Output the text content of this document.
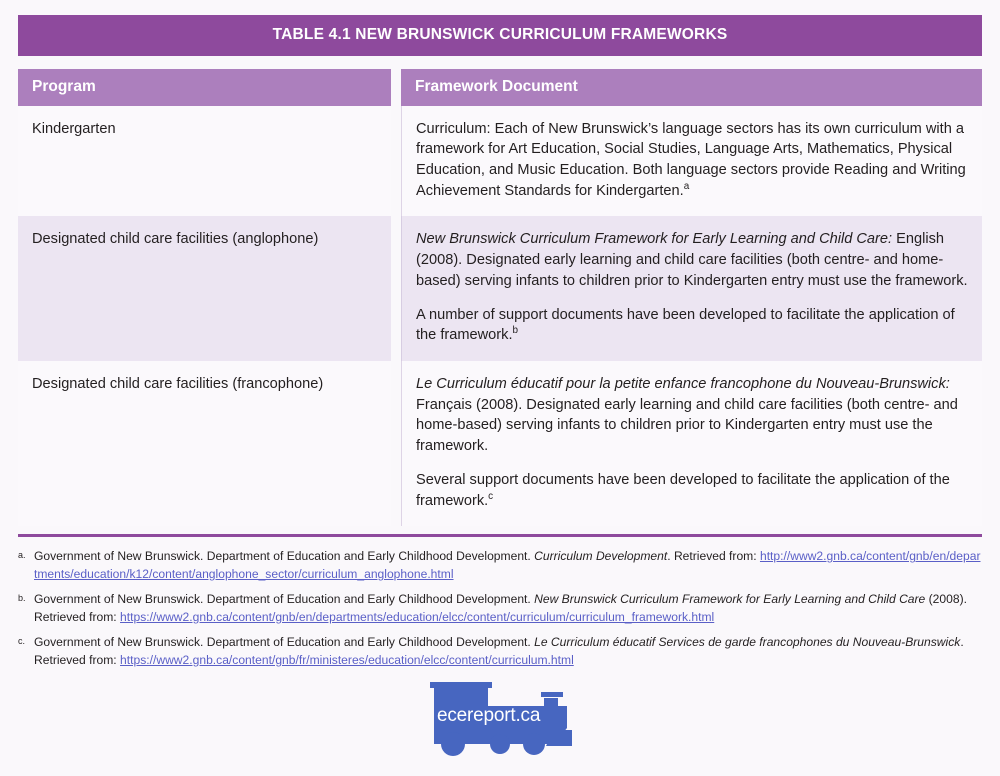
TABLE 4.1 NEW BRUNSWICK CURRICULUM FRAMEWORKS
Program		Framework Document
Kindergarten		Curriculum: Each of New Brunswick’s language sectors has its own curriculum with a framework for Art Education, Social Studies, Language Arts, Mathematics, Physical Education, and Music Education. Both language sectors provide Reading and Writing Achievement Standards for Kindergarten.$^a$

Designated child care facilities (anglophone)		New Brunswick Curriculum Framework for Early Learning and Child Care: English (2008). Designated early learning and child care facilities (both centre- and home-based) serving infants to children prior to Kindergarten entry must use the framework.

A number of support documents have been developed to facilitate the application of the framework.$^b$

Designated child care facilities (francophone)		Le Curriculum éducatif pour la petite enfance francophone du Nouveau-Brunswick: Français (2008). Designated early learning and child care facilities (both centre- and home-based) serving infants to children prior to Kindergarten entry must use the framework.

Several support documents have been developed to facilitate the application of the framework.$^c$

a. Government of New Brunswick. Department of Education and Early Childhood Development. Curriculum Development. Retrieved from: http://www2.gnb.ca/content/gnb/en/departments/education/k12/content/anglophone_sector/curriculum_anglophone.html
b. Government of New Brunswick. Department of Education and Early Childhood Development. New Brunswick Curriculum Framework for Early Learning and Child Care (2008). Retrieved from: https://www2.gnb.ca/content/gnb/en/departments/education/elcc/content/curriculum/curriculum_framework.html
c. Government of New Brunswick. Department of Education and Early Childhood Development. Le Curriculum éducatif Services de garde francophones du Nouveau-Brunswick. Retrieved from: https://www2.gnb.ca/content/gnb/fr/ministeres/education/elcc/content/curriculum.html
ecereport.ca
